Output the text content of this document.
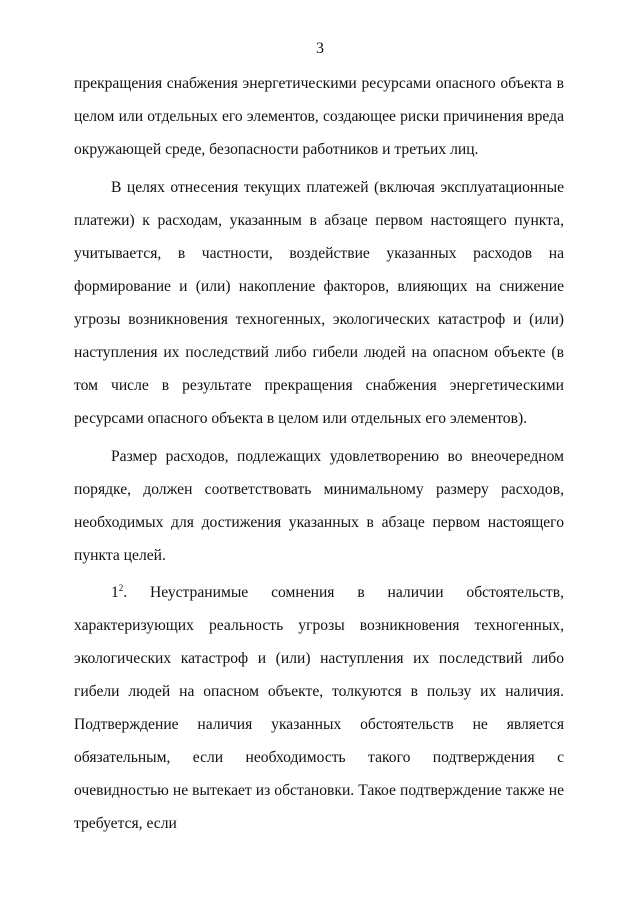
3

прекращения снабжения энергетическими ресурсами опасного объекта в целом или отдельных его элементов, создающее риски причинения вреда окружающей среде, безопасности работников и третьих лиц.

В целях отнесения текущих платежей (включая эксплуатационные платежи) к расходам, указанным в абзаце первом настоящего пункта, учитывается, в частности, воздействие указанных расходов на формирование и (или) накопление факторов, влияющих на снижение угрозы возникновения техногенных, экологических катастроф и (или) наступления их последствий либо гибели людей на опасном объекте (в том числе в результате прекращения снабжения энергетическими ресурсами опасного объекта в целом или отдельных его элементов).

Размер расходов, подлежащих удовлетворению во внеочередном порядке, должен соответствовать минимальному размеру расходов, необходимых для достижения указанных в абзаце первом настоящего пункта целей.

$1^2$. Неустранимые сомнения в наличии обстоятельств, характеризующих реальность угрозы возникновения техногенных, экологических катастроф и (или) наступления их последствий либо гибели людей на опасном объекте, толкуются в пользу их наличия. Подтверждение наличия указанных обстоятельств не является обязательным, если необходимость такого подтверждения с очевидностью не вытекает из обстановки. Такое подтверждение также не требуется, если
